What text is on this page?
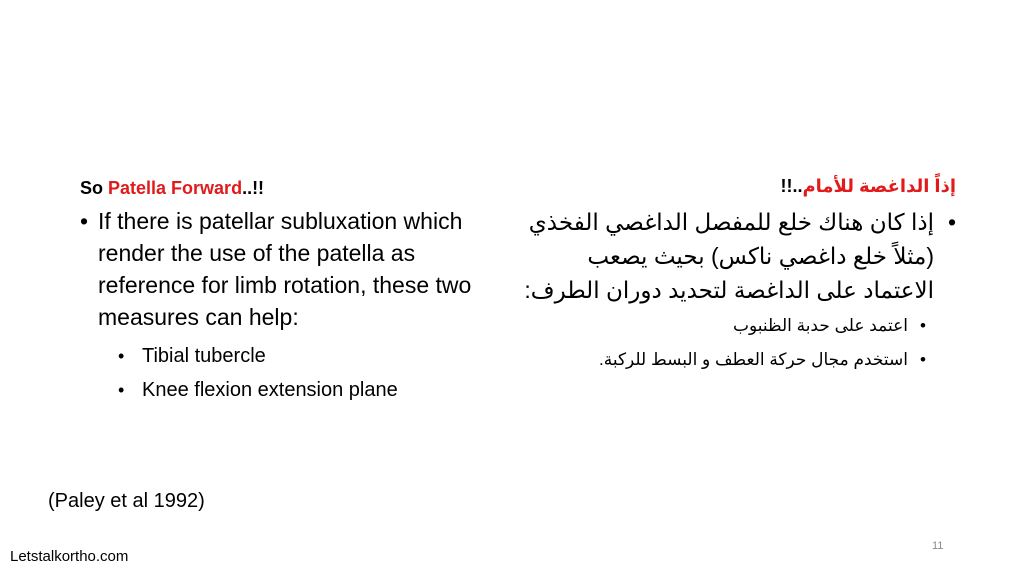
So Patella Forward..!!
• If there is patellar subluxation which render the use of the patella as reference for limb rotation, these two measures can help:
• Tibial tubercle
• Knee flexion extension plane
إذاً الداغصة للأمام..!!
•
إذا كان هناك خلع للمفصل الداغصي الفخذي (مثلاً خلع داغصي ناكس) بحيث يصعب الاعتماد على الداغصة لتحديد دوران الطرف:
•
اعتمد على حدبة الظنبوب
•
استخدم مجال حركة العطف و البسط للركبة.
(Paley et al 1992)
Letstalkortho.com
11
